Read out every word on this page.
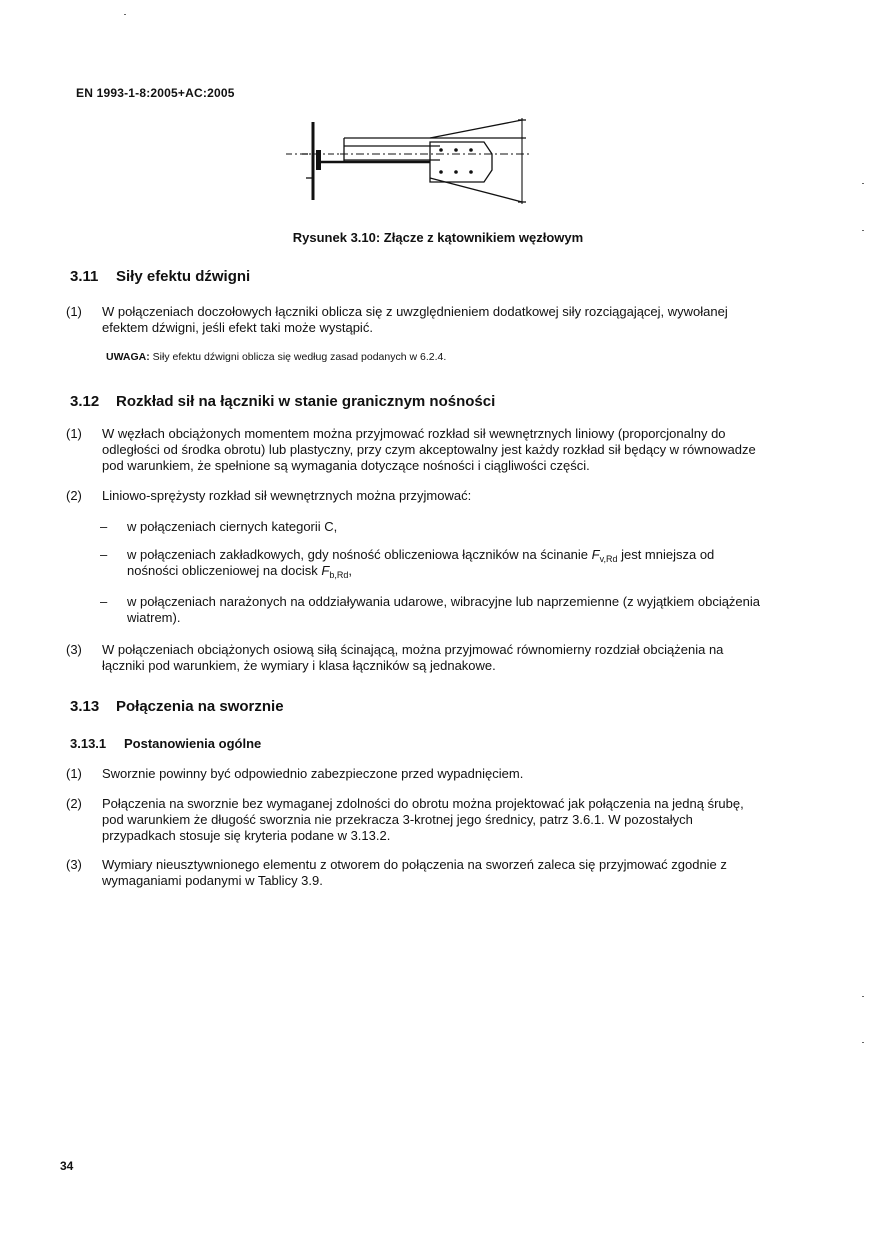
EN 1993-1-8:2005+AC:2005
Rysunek 3.10: Złącze z kątownikiem węzłowym
3.11 Siły efektu dźwigni
(1)	W połączeniach doczołowych łączniki oblicza się z uwzględnieniem dodatkowej siły rozciągającej, wywołanej efektem dźwigni, jeśli efekt taki może wystąpić.
UWAGA: Siły efektu dźwigni oblicza się według zasad podanych w 6.2.4.
3.12 Rozkład sił na łączniki w stanie granicznym nośności
(1)	W węzłach obciążonych momentem można przyjmować rozkład sił wewnętrznych liniowy (proporcjonalny do odległości od środka obrotu) lub plastyczny, przy czym akceptowalny jest każdy rozkład sił będący w równowadze pod warunkiem, że spełnione są wymagania dotyczące nośności i ciągliwości części.
(2)	Liniowo-sprężysty rozkład sił wewnętrznych można przyjmować:
– w połączeniach ciernych kategorii C,
– w połączeniach zakładkowych, gdy nośność obliczeniowa łączników na ścinanie $F_{v,Rd}$ jest mniejsza od nośności obliczeniowej na docisk $F_{b,Rd}$,
– w połączeniach narażonych na oddziaływania udarowe, wibracyjne lub naprzemienne (z wyjątkiem obciążenia wiatrem).
(3)	W połączeniach obciążonych osiową siłą ścinającą, można przyjmować równomierny rozdział obciążenia na łączniki pod warunkiem, że wymiary i klasa łączników są jednakowe.
3.13 Połączenia na sworznie
3.13.1 Postanowienia ogólne
(1)	Sworznie powinny być odpowiednio zabezpieczone przed wypadnięciem.
(2)	Połączenia na sworznie bez wymaganej zdolności do obrotu można projektować jak połączenia na jedną śrubę, pod warunkiem że długość sworznia nie przekracza 3-krotnej jego średnicy, patrz 3.6.1. W pozostałych przypadkach stosuje się kryteria podane w 3.13.2.
(3)	Wymiary nieusztywnionego elementu z otworem do połączenia na sworzeń zaleca się przyjmować zgodnie z wymaganiami podanymi w Tablicy 3.9.
34
